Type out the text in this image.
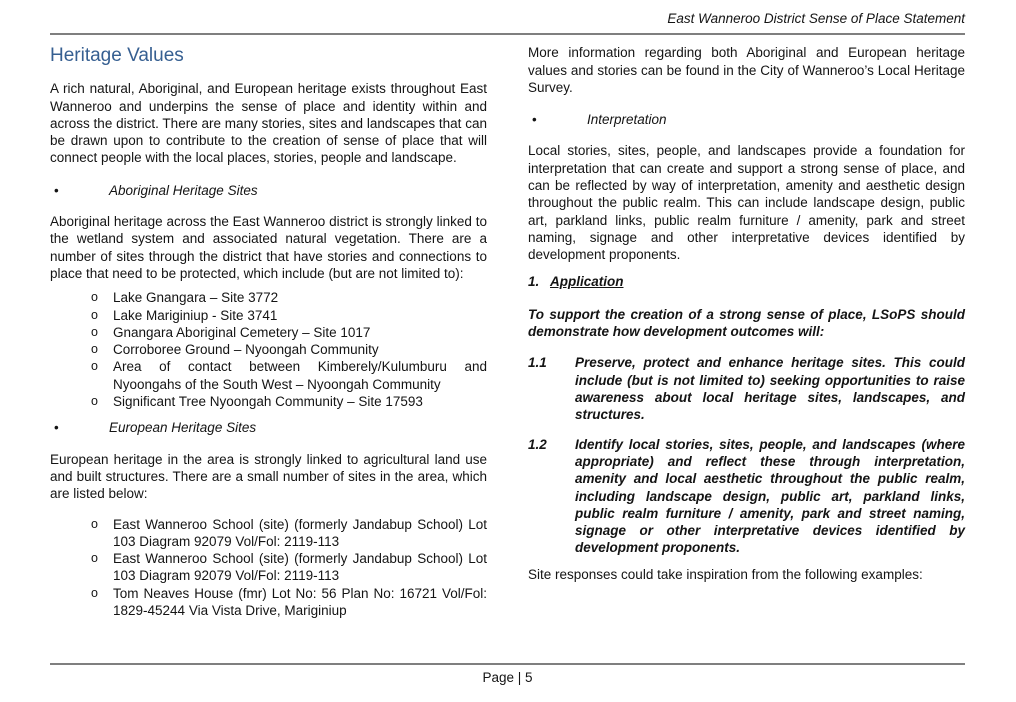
East Wanneroo District Sense of Place Statement
Heritage Values

A rich natural, Aboriginal, and European heritage exists throughout East Wanneroo and underpins the sense of place and identity within and across the district. There are many stories, sites and landscapes that can be drawn upon to contribute to the creation of sense of place that will connect people with the local places, stories, people and landscape.

•	Aboriginal Heritage Sites

Aboriginal heritage across the East Wanneroo district is strongly linked to the wetland system and associated natural vegetation. There are a number of sites through the district that have stories and connections to place that need to be protected, which include (but are not limited to):

o	Lake Gnangara – Site 3772
o	Lake Mariginiup - Site 3741
o	Gnangara Aboriginal Cemetery – Site 1017
o	Corroboree Ground – Nyoongah Community
o	Area of contact between Kimberely/Kulumburu and Nyoongahs of the South West – Nyoongah Community
o	Significant Tree Nyoongah Community – Site 17593
•	European Heritage Sites

European heritage in the area is strongly linked to agricultural land use and built structures. There are a small number of sites in the area, which are listed below:

o	East Wanneroo School (site) (formerly Jandabup School) Lot 103 Diagram 92079 Vol/Fol: 2119-113
o	East Wanneroo School (site) (formerly Jandabup School) Lot 103 Diagram 92079 Vol/Fol: 2119-113
o	Tom Neaves House (fmr) Lot No: 56 Plan No: 16721 Vol/Fol: 1829-45244 Via Vista Drive, Mariginiup

More information regarding both Aboriginal and European heritage values and stories can be found in the City of Wanneroo’s Local Heritage Survey.

•	Interpretation

Local stories, sites, people, and landscapes provide a foundation for interpretation that can create and support a strong sense of place, and can be reflected by way of interpretation, amenity and aesthetic design throughout the public realm. This can include landscape design, public art, parkland links, public realm furniture / amenity, park and street naming, signage and other interpretative devices identified by development proponents.

1. Application

To support the creation of a strong sense of place, LSoPS should demonstrate how development outcomes will:

1.1	Preserve, protect and enhance heritage sites. This could include (but is not limited to) seeking opportunities to raise awareness about local heritage sites, landscapes, and structures.
1.2	Identify local stories, sites, people, and landscapes (where appropriate) and reflect these through interpretation, amenity and local aesthetic throughout the public realm, including landscape design, public art, parkland links, public realm furniture / amenity, park and street naming, signage or other interpretative devices identified by development proponents.

Site responses could take inspiration from the following examples:

Page | 5
